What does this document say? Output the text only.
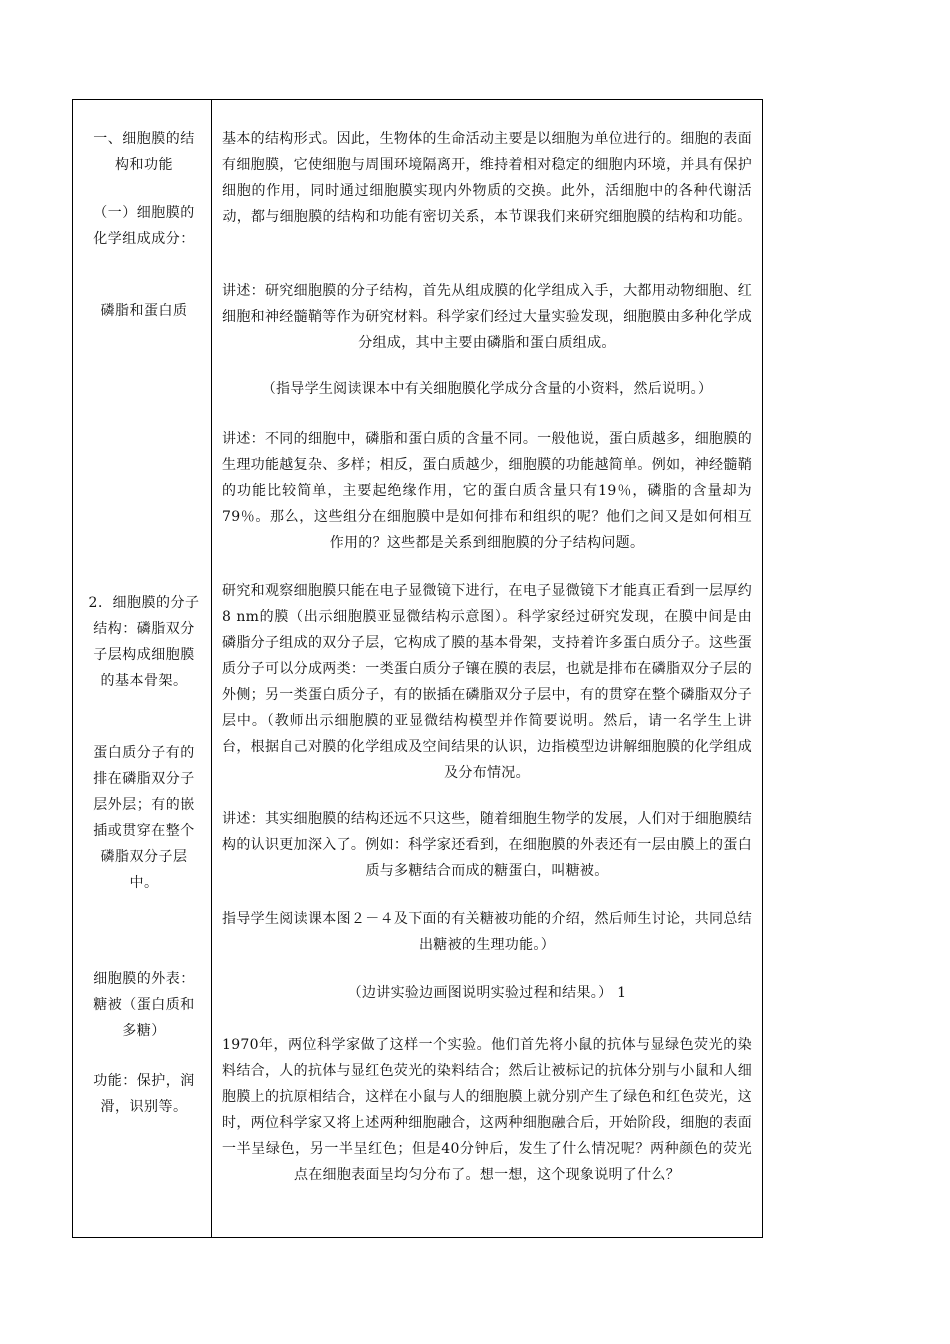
一、细胞膜的结构和功能
（一）细胞膜的化学组成成分：
磷脂和蛋白质
2．细胞膜的分子结构：磷脂双分子层构成细胞膜的基本骨架。
蛋白质分子有的排在磷脂双分子层外层；有的嵌插或贯穿在整个磷脂双分子层中。
细胞膜的外表：糖被（蛋白质和多糖）
功能：保护，润滑，识别等。
基本的结构形式。因此，生物体的生命活动主要是以细胞为单位进行的。细胞的表面有细胞膜，它使细胞与周围环境隔离开，维持着相对稳定的细胞内环境，并具有保护细胞的作用，同时通过细胞膜实现内外物质的交换。此外，活细胞中的各种代谢活动，都与细胞膜的结构和功能有密切关系，本节课我们来研究细胞膜的结构和功能。
讲述：研究细胞膜的分子结构，首先从组成膜的化学组成入手，大都用动物细胞、红细胞和神经髓鞘等作为研究材料。科学家们经过大量实验发现，细胞膜由多种化学成分组成，其中主要由磷脂和蛋白质组成。
（指导学生阅读课本中有关细胞膜化学成分含量的小资料，然后说明。）
讲述：不同的细胞中，磷脂和蛋白质的含量不同。一般他说，蛋白质越多，细胞膜的生理功能越复杂、多样；相反，蛋白质越少，细胞膜的功能越简单。例如，神经髓鞘的功能比较简单，主要起绝缘作用，它的蛋白质含量只有19％，磷脂的含量却为79％。那么，这些组分在细胞膜中是如何排布和组织的呢？他们之间又是如何相互作用的？这些都是关系到细胞膜的分子结构问题。
研究和观察细胞膜只能在电子显微镜下进行，在电子显微镜下才能真正看到一层厚约8 nm的膜（出示细胞膜亚显微结构示意图）。科学家经过研究发现，在膜中间是由磷脂分子组成的双分子层，它构成了膜的基本骨架，支持着许多蛋白质分子。这些蛋质分子可以分成两类：一类蛋白质分子镶在膜的表层，也就是排布在磷脂双分子层的外侧；另一类蛋白质分子，有的嵌插在磷脂双分子层中，有的贯穿在整个磷脂双分子层中。（教师出示细胞膜的亚显微结构模型并作简要说明。然后，请一名学生上讲台，根据自己对膜的化学组成及空间结果的认识，边指模型边讲解细胞膜的化学组成及分布情况。
讲述：其实细胞膜的结构还远不只这些，随着细胞生物学的发展，人们对于细胞膜结构的认识更加深入了。例如：科学家还看到，在细胞膜的外表还有一层由膜上的蛋白质与多糖结合而成的糖蛋白，叫糖被。
指导学生阅读课本图２－４及下面的有关糖被功能的介绍，然后师生讨论，共同总结出糖被的生理功能。）
（边讲实验边画图说明实验过程和结果。） 1
1970年，两位科学家做了这样一个实验。他们首先将小鼠的抗体与显绿色荧光的染料结合，人的抗体与显红色荧光的染料结合；然后让被标记的抗体分别与小鼠和人细胞膜上的抗原相结合，这样在小鼠与人的细胞膜上就分别产生了绿色和红色荧光，这时，两位科学家又将上述两种细胞融合，这两种细胞融合后，开始阶段，细胞的表面一半呈绿色，另一半呈红色；但是40分钟后，发生了什么情况呢？两种颜色的荧光点在细胞表面呈均匀分布了。想一想，这个现象说明了什么？
